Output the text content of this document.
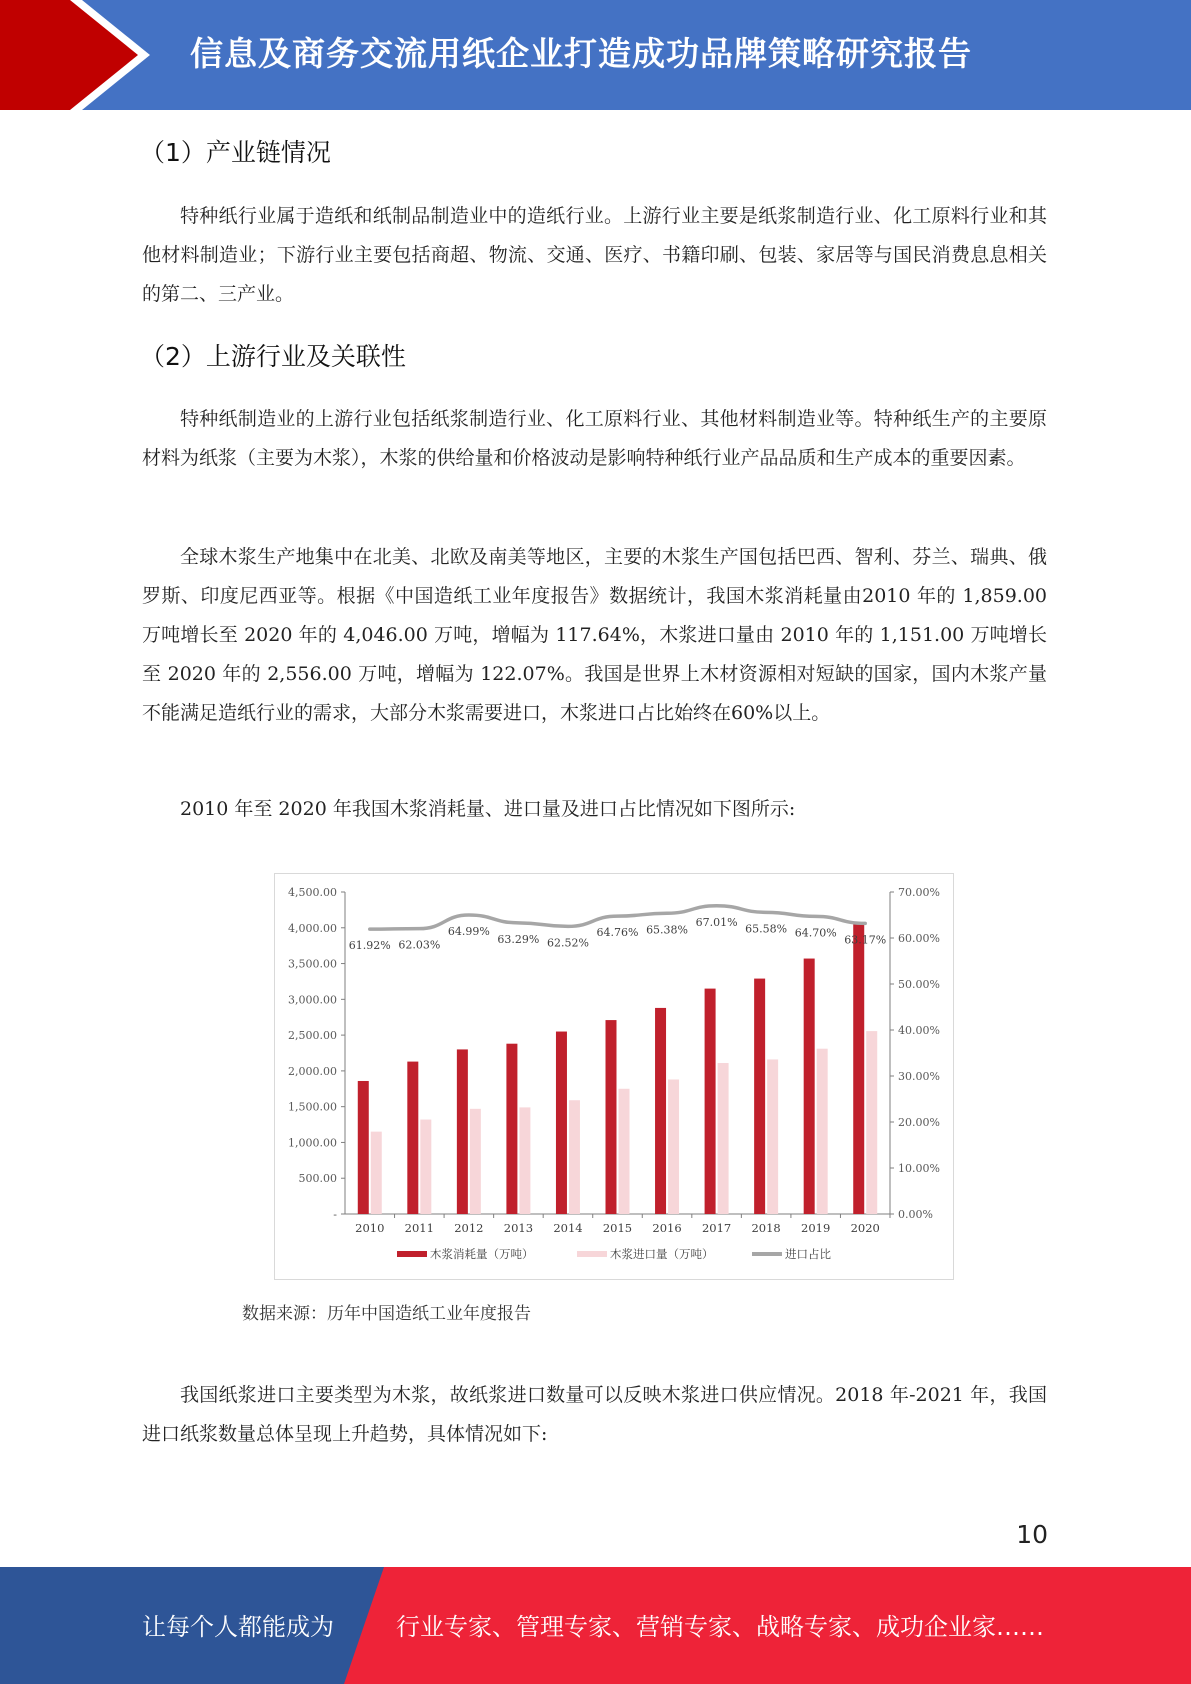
信息及商务交流用纸企业打造成功品牌策略研究报告
（1）产业链情况

特种纸行业属于造纸和纸制品制造业中的造纸行业。上游行业主要是纸浆制造行业、化工原料行业和其他材料制造业；下游行业主要包括商超、物流、交通、医疗、书籍印刷、包装、家居等与国民消费息息相关的第二、三产业。

（2）上游行业及关联性

特种纸制造业的上游行业包括纸浆制造行业、化工原料行业、其他材料制造业等。特种纸生产的主要原材料为纸浆（主要为木浆），木浆的供给量和价格波动是影响特种纸行业产品品质和生产成本的重要因素。

全球木浆生产地集中在北美、北欧及南美等地区，主要的木浆生产国包括巴西、智利、芬兰、瑞典、俄罗斯、印度尼西亚等。根据《中国造纸工业年度报告》数据统计，我国木浆消耗量由2010 年的 1,859.00 万吨增长至 2020 年的 4,046.00 万吨，增幅为 117.64%，木浆进口量由 2010 年的 1,151.00 万吨增长至 2020 年的 2,556.00 万吨，增幅为 122.07%。我国是世界上木材资源相对短缺的国家，国内木浆产量不能满足造纸行业的需求，大部分木浆需要进口，木浆进口占比始终在60%以上。

2010 年至 2020 年我国木浆消耗量、进口量及进口占比情况如下图所示:

-
500.00
1,000.00
1,500.00
2,000.00
2,500.00
3,000.00
3,500.00
4,000.00
4,500.00
0.00%
10.00%
20.00%
30.00%
40.00%
50.00%
60.00%
70.00%
2010 2011 2012 2013 2014 2015 2016 2017 2018 2019 2020
61.92% 62.03%
64.99%
63.29% 62.52%
64.76% 65.38%
67.01%
65.58% 64.70%
63.17%
木浆消耗量（万吨）	木浆进口量（万吨）	进口占比
数据来源：历年中国造纸工业年度报告

我国纸浆进口主要类型为木浆，故纸浆进口数量可以反映木浆进口供应情况。2018 年-2021 年，我国进口纸浆数量总体呈现上升趋势，具体情况如下:

10
让每个人都能成为	行业专家、管理专家、营销专家、战略专家、成功企业家……
